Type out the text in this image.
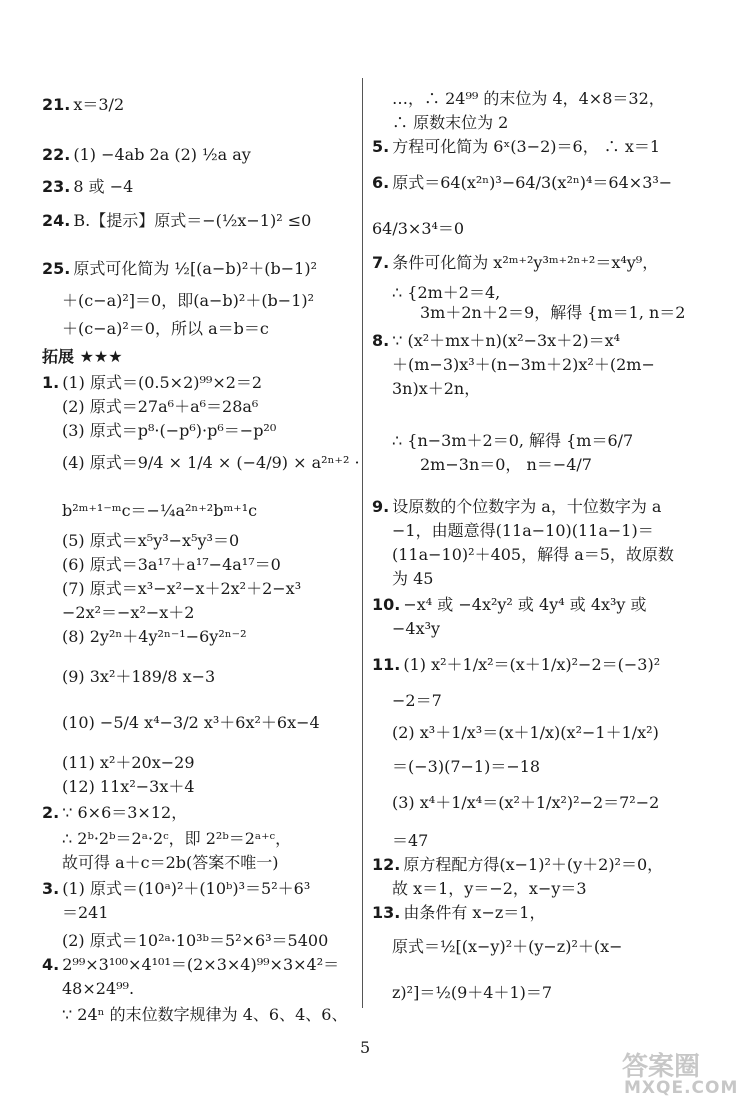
21. x＝3/2
22. (1) −4ab 2a (2) ½a ay
23. 8 或 −4
24. B.【提示】原式＝−(½x−1)² ≤0
25. 原式可化简为 ½[(a−b)²＋(b−1)²
＋(c−a)²]＝0，即(a−b)²＋(b−1)²
＋(c−a)²＝0，所以 a＝b＝c
拓展 ★★★
1. (1) 原式＝(0.5×2)⁹⁹×2＝2
(2) 原式＝27a⁶＋a⁶＝28a⁶
(3) 原式＝p⁸·(−p⁶)·p⁶＝−p²⁰
(4) 原式＝9/4 × 1/4 × (−4/9) × a²ⁿ⁺² ·
b²ᵐ⁺¹⁻ᵐc＝−¼a²ⁿ⁺²bᵐ⁺¹c
(5) 原式＝x⁵y³−x⁵y³＝0
(6) 原式＝3a¹⁷＋a¹⁷−4a¹⁷＝0
(7) 原式＝x³−x²−x＋2x²＋2−x³
−2x²＝−x²−x＋2
(8) 2y²ⁿ＋4y²ⁿ⁻¹−6y²ⁿ⁻²
(9) 3x²＋189/8 x−3
(10) −5/4 x⁴−3/2 x³＋6x²＋6x−4
(11) x²＋20x−29
(12) 11x²−3x＋4
2. ∵ 6×6＝3×12，
∴ 2ᵇ·2ᵇ＝2ᵃ·2ᶜ，即 2²ᵇ＝2ᵃ⁺ᶜ，
故可得 a＋c＝2b(答案不唯一)
3. (1) 原式＝(10ᵃ)²＋(10ᵇ)³＝5²＋6³
＝241
(2) 原式＝10²ᵃ·10³ᵇ＝5²×6³＝5400
4. 2⁹⁹×3¹⁰⁰×4¹⁰¹＝(2×3×4)⁹⁹×3×4²＝
48×24⁹⁹.
∵ 24ⁿ 的末位数字规律为 4、6、4、6、
…，∴ 24⁹⁹ 的末位为 4，4×8＝32，
∴ 原数末位为 2
5. 方程可化简为 6ˣ(3−2)＝6， ∴ x＝1
6. 原式＝64(x²ⁿ)³−64/3(x²ⁿ)⁴＝64×3³−
64/3×3⁴＝0
7. 条件可化简为 x²ᵐ⁺²y³ᵐ⁺²ⁿ⁺²＝x⁴y⁹，
∴ {2m＋2＝4,
3m＋2n＋2＝9，解得 {m＝1, n＝2
8. ∵ (x²＋mx＋n)(x²−3x＋2)＝x⁴
＋(m−3)x³＋(n−3m＋2)x²＋(2m−
3n)x＋2n，
∴ {n−3m＋2＝0, 解得 {m＝6/7
2m−3n＝0， n＝−4/7
9. 设原数的个位数字为 a，十位数字为 a
−1，由题意得(11a−10)(11a−1)＝
(11a−10)²＋405，解得 a＝5，故原数
为 45
10. −x⁴ 或 −4x²y² 或 4y⁴ 或 4x³y 或
−4x³y
11. (1) x²＋1/x²＝(x＋1/x)²−2＝(−3)²
−2＝7
(2) x³＋1/x³＝(x＋1/x)(x²−1＋1/x²)
＝(−3)(7−1)＝−18
(3) x⁴＋1/x⁴＝(x²＋1/x²)²−2＝7²−2
＝47
12. 原方程配方得(x−1)²＋(y＋2)²＝0，
故 x＝1，y＝−2，x−y＝3
13. 由条件有 x−z＝1，
原式＝½[(x−y)²＋(y−z)²＋(x−
z)²]＝½(9＋4＋1)＝7
5
答案圈
MXQE.COM
